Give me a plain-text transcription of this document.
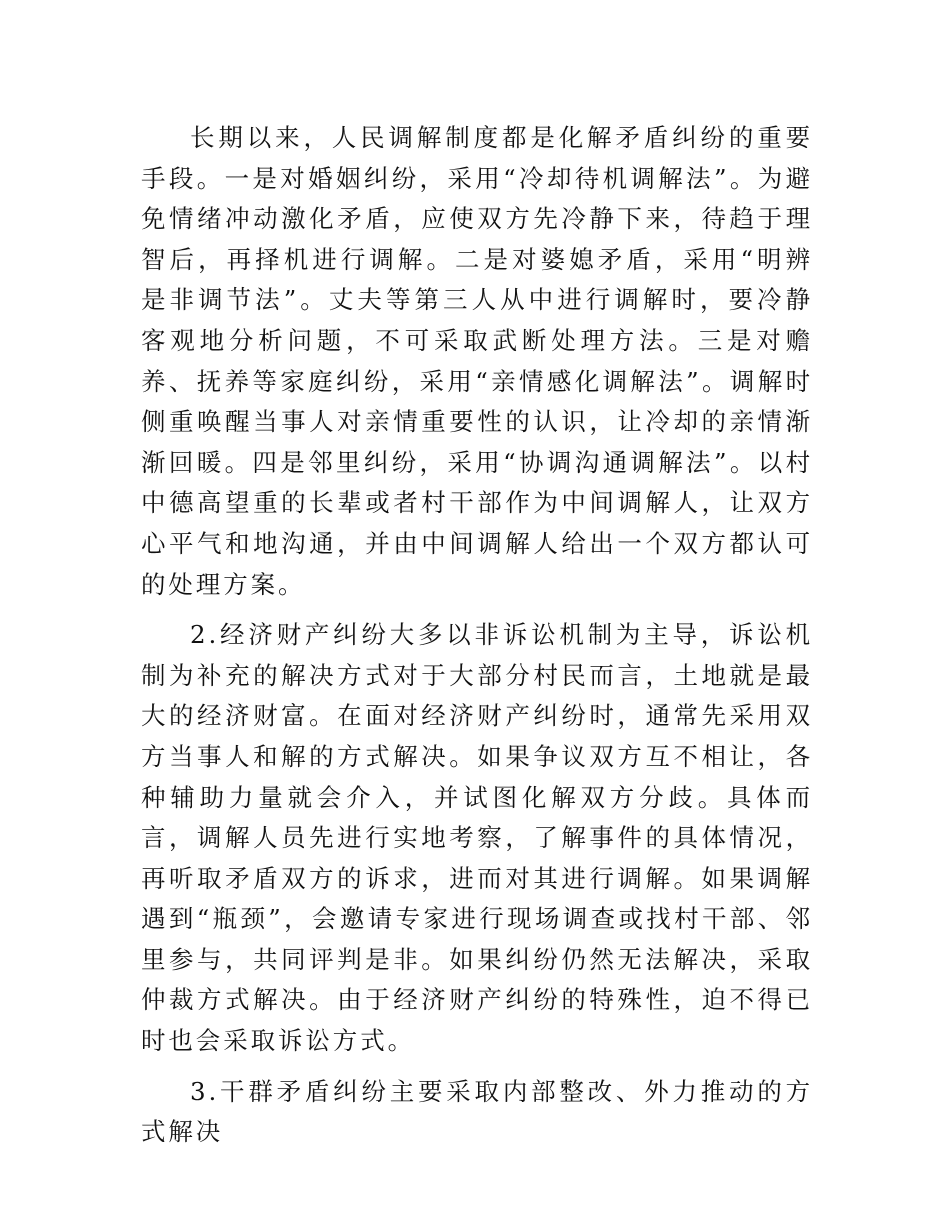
长期以来，人民调解制度都是化解矛盾纠纷的重要手段。一是对婚姻纠纷，采用“冷却待机调解法”。为避免情绪冲动激化矛盾，应使双方先冷静下来，待趋于理智后，再择机进行调解。二是对婆媳矛盾，采用“明辨是非调节法”。丈夫等第三人从中进行调解时，要冷静客观地分析问题，不可采取武断处理方法。三是对赡养、抚养等家庭纠纷，采用“亲情感化调解法”。调解时侧重唤醒当事人对亲情重要性的认识，让冷却的亲情渐渐回暖。四是邻里纠纷，采用“协调沟通调解法”。以村中德高望重的长辈或者村干部作为中间调解人，让双方心平气和地沟通，并由中间调解人给出一个双方都认可的处理方案。

2.经济财产纠纷大多以非诉讼机制为主导，诉讼机制为补充的解决方式对于大部分村民而言，土地就是最大的经济财富。在面对经济财产纠纷时，通常先采用双方当事人和解的方式解决。如果争议双方互不相让，各种辅助力量就会介入，并试图化解双方分歧。具体而言，调解人员先进行实地考察，了解事件的具体情况，再听取矛盾双方的诉求，进而对其进行调解。如果调解遇到“瓶颈”，会邀请专家进行现场调查或找村干部、邻里参与，共同评判是非。如果纠纷仍然无法解决，采取仲裁方式解决。由于经济财产纠纷的特殊性，迫不得已时也会采取诉讼方式。

3.干群矛盾纠纷主要采取内部整改、外力推动的方式解决
